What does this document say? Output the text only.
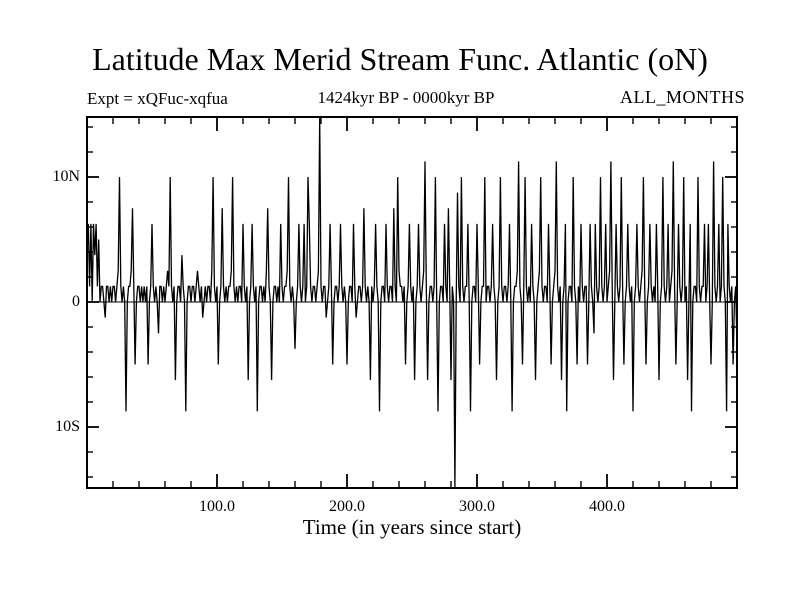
Latitude Max Merid Stream Func. Atlantic (oN)
Expt = xQFuc-xqfua	1424kyr BP - 0000kyr BP	ALL_MONTHS
10N
0
10S
100.0	200.0	300.0	400.0
Time (in years since start)
